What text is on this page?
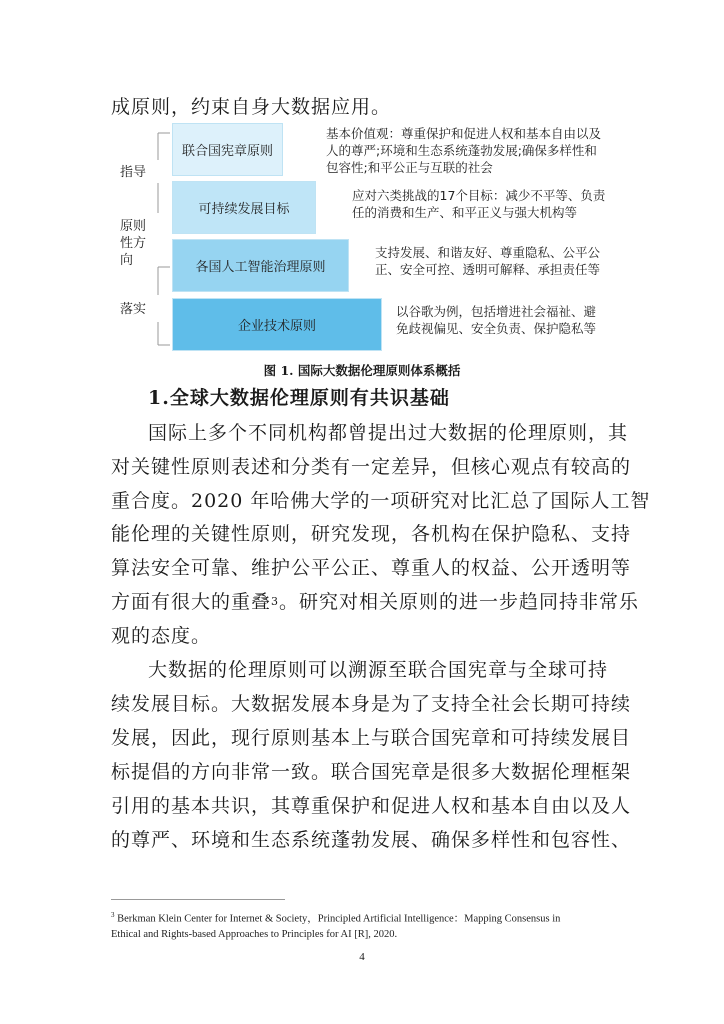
成原则，约束自身大数据应用。
联合国宪章原则
可持续发展目标
各国人工智能治理原则
企业技术原则
基本价值观：尊重保护和促进人权和基本自由以及人的尊严;环境和生态系统蓬勃发展;确保多样性和包容性;和平公正与互联的社会
应对六类挑战的17个目标：减少不平等、负责任的消费和生产、和平正义与强大机构等
支持发展、和谐友好、尊重隐私、公平公正、安全可控、透明可解释、承担责任等
以谷歌为例，包括增进社会福祉、避免歧视偏见、安全负责、保护隐私等
指导
原则性方向
落实
图 1. 国际大数据伦理原则体系概括
1.全球大数据伦理原则有共识基础
国际上多个不同机构都曾提出过大数据的伦理原则，其
对关键性原则表述和分类有一定差异，但核心观点有较高的
重合度。2020 年哈佛大学的一项研究对比汇总了国际人工智
能伦理的关键性原则，研究发现，各机构在保护隐私、支持
算法安全可靠、维护公平公正、尊重人的权益、公开透明等
方面有很大的重叠$^3$。研究对相关原则的进一步趋同持非常乐
观的态度。
大数据的伦理原则可以溯源至联合国宪章与全球可持
续发展目标。大数据发展本身是为了支持全社会长期可持续
发展，因此，现行原则基本上与联合国宪章和可持续发展目
标提倡的方向非常一致。联合国宪章是很多大数据伦理框架
引用的基本共识，其尊重保护和促进人权和基本自由以及人
的尊严、环境和生态系统蓬勃发展、确保多样性和包容性、
$^3$ Berkman Klein Center for Internet & Society，Principled Artificial Intelligence：Mapping Consensus in
Ethical and Rights-based Approaches to Principles for AI [R], 2020.
4
